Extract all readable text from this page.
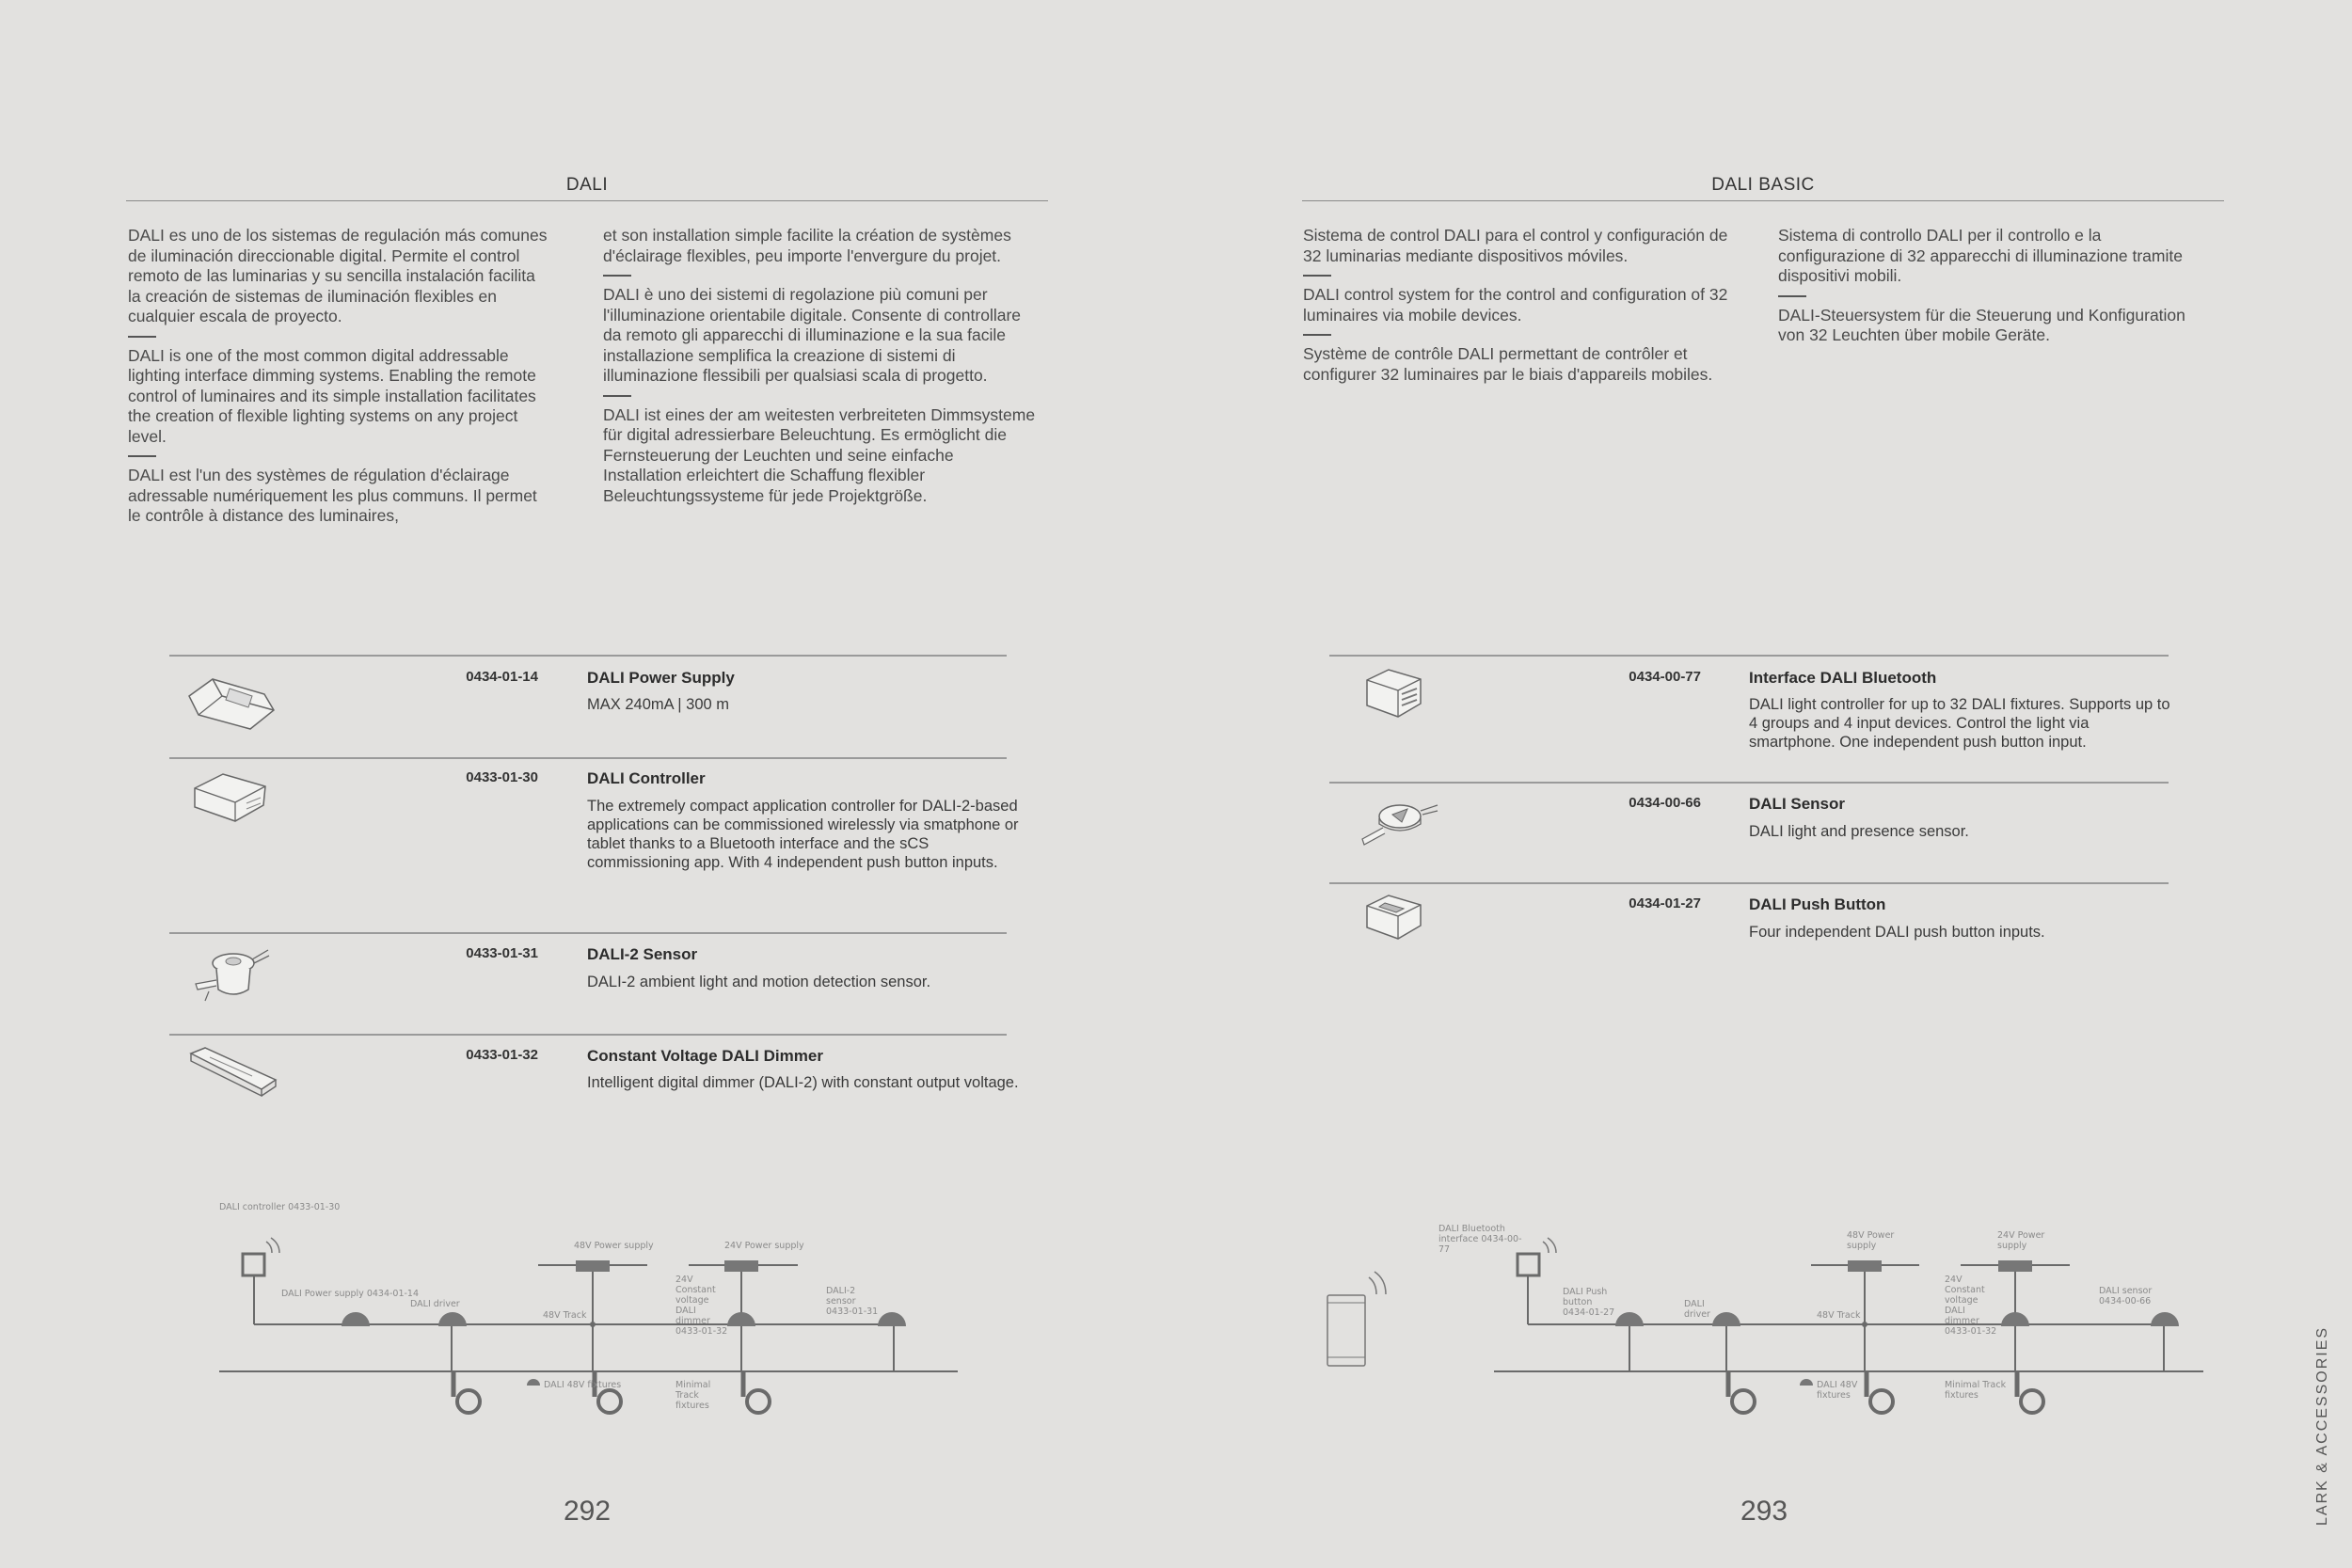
DALI
DALI es uno de los sistemas de regulación más comunes de iluminación direccionable digital. Permite el control remoto de las luminarias y su sencilla instalación facilita la creación de sistemas de iluminación flexibles en cualquier escala de proyecto.
DALI is one of the most common digital addressable lighting interface dimming systems. Enabling the remote control of luminaires and its simple installation facilitates the creation of flexible lighting systems on any project level.
DALI est l'un des systèmes de régulation d'éclairage adressable numériquement les plus communs. Il permet le contrôle à distance des luminaires,
et son installation simple facilite la création de systèmes d'éclairage flexibles, peu importe l'envergure du projet.
DALI è uno dei sistemi di regolazione più comuni per l'illuminazione orientabile digitale. Consente di controllare da remoto gli apparecchi di illuminazione e la sua facile installazione semplifica la creazione di sistemi di illuminazione flessibili per qualsiasi scala di progetto.
DALI ist eines der am weitesten verbreiteten Dimmsysteme für digital adressierbare Beleuchtung. Es ermöglicht die Fernsteuerung der Leuchten und seine einfache Installation erleichtert die Schaffung flexibler Beleuchtungssysteme für jede Projektgröße.
0434-01-14	DALI Power Supply
MAX 240mA | 300 m
0433-01-30	DALI Controller
The extremely compact application controller for DALI-2-based applications can be commissioned wirelessly via smatphone or tablet thanks to a Bluetooth interface and the sCS commissioning app. With 4 independent push button inputs.
0433-01-31	DALI-2 Sensor
DALI-2 ambient light and motion detection sensor.
0433-01-32	Constant Voltage DALI Dimmer
Intelligent digital dimmer (DALI-2) with constant output voltage.
DALI controller 0433-01-30
DALI Power supply 0434-01-14
DALI driver
48V Power supply
48V Track
DALI 48V fixtures
24V Power supply
24V Constant voltage DALI dimmer 0433-01-32
Minimal Track fixtures
DALI-2 sensor 0433-01-31
292
DALI BASIC
Sistema de control DALI para el control y configuración de 32 luminarias mediante dispositivos móviles.
DALI control system for the control and configuration of 32 luminaires via mobile devices.
Système de contrôle DALI permettant de contrôler et configurer 32 luminaires par le biais d'appareils mobiles.
Sistema di controllo DALI per il controllo e la configurazione di 32 apparecchi di illuminazione tramite dispositivi mobili.
DALI-Steuersystem für die Steuerung und Konfiguration von 32 Leuchten über mobile Geräte.
0434-00-77	Interface DALI Bluetooth
DALI light controller for up to 32 DALI fixtures. Supports up to 4 groups and 4 input devices. Control the light via smartphone. One independent push button input.
0434-00-66	DALI Sensor
DALI light and presence sensor.
0434-01-27	DALI Push Button
Four independent DALI push button inputs.
DALI Bluetooth interface 0434-00-77
DALI Push button 0434-01-27
DALI driver
48V Power supply
48V Track
DALI 48V fixtures
24V Power supply
24V Constant voltage DALI dimmer 0433-01-32
Minimal Track fixtures
DALI sensor 0434-00-66
293	LARK & ACCESSORIES
